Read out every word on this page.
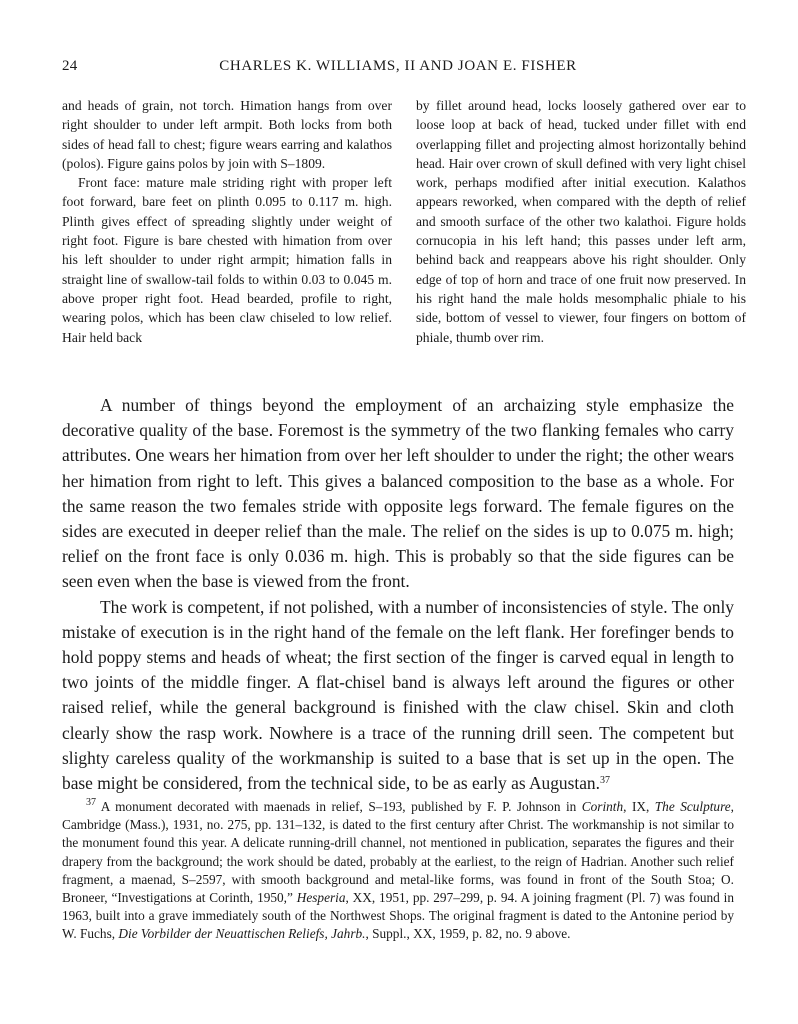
24	CHARLES K. WILLIAMS, II AND JOAN E. FISHER

and heads of grain, not torch. Himation hangs from over right shoulder to under left armpit. Both locks from both sides of head fall to chest; figure wears earring and kalathos (polos). Figure gains polos by join with S–1809.

Front face: mature male striding right with proper left foot forward, bare feet on plinth 0.095 to 0.117 m. high. Plinth gives effect of spreading slightly under weight of right foot. Figure is bare chested with himation from over his left shoulder to under right armpit; himation falls in straight line of swallow-tail folds to within 0.03 to 0.045 m. above proper right foot. Head bearded, profile to right, wearing polos, which has been claw chiseled to low relief. Hair held back

by fillet around head, locks loosely gathered over ear to loose loop at back of head, tucked under fillet with end overlapping fillet and projecting almost horizontally behind head. Hair over crown of skull defined with very light chisel work, perhaps modified after initial execution. Kalathos appears reworked, when compared with the depth of relief and smooth surface of the other two kalathoi. Figure holds cornucopia in his left hand; this passes under left arm, behind back and reappears above his right shoulder. Only edge of top of horn and trace of one fruit now preserved. In his right hand the male holds mesomphalic phiale to his side, bottom of vessel to viewer, four fingers on bottom of phiale, thumb over rim.

A number of things beyond the employment of an archaizing style emphasize the decorative quality of the base. Foremost is the symmetry of the two flanking females who carry attributes. One wears her himation from over her left shoulder to under the right; the other wears her himation from right to left. This gives a balanced composition to the base as a whole. For the same reason the two females stride with opposite legs forward. The female figures on the sides are executed in deeper relief than the male. The relief on the sides is up to 0.075 m. high; relief on the front face is only 0.036 m. high. This is probably so that the side figures can be seen even when the base is viewed from the front.

The work is competent, if not polished, with a number of inconsistencies of style. The only mistake of execution is in the right hand of the female on the left flank. Her forefinger bends to hold poppy stems and heads of wheat; the first section of the finger is carved equal in length to two joints of the middle finger. A flat-chisel band is always left around the figures or other raised relief, while the general background is finished with the claw chisel. Skin and cloth clearly show the rasp work. Nowhere is a trace of the running drill seen. The competent but slighty careless quality of the workmanship is suited to a base that is set up in the open. The base might be considered, from the technical side, to be as early as Augustan.$^{37}$

$^{37}$ A monument decorated with maenads in relief, S–193, published by F. P. Johnson in Corinth, IX, The Sculpture, Cambridge (Mass.), 1931, no. 275, pp. 131–132, is dated to the first century after Christ. The workmanship is not similar to the monument found this year. A delicate running-drill channel, not mentioned in publication, separates the figures and their drapery from the background; the work should be dated, probably at the earliest, to the reign of Hadrian. Another such relief fragment, a maenad, S–2597, with smooth background and metal-like forms, was found in front of the South Stoa; O. Broneer, “Investigations at Corinth, 1950,” Hesperia, XX, 1951, pp. 297–299, p. 94. A joining fragment (Pl. 7) was found in 1963, built into a grave immediately south of the Northwest Shops. The original fragment is dated to the Antonine period by W. Fuchs, Die Vorbilder der Neuattischen Reliefs, Jahrb., Suppl., XX, 1959, p. 82, no. 9 above.
